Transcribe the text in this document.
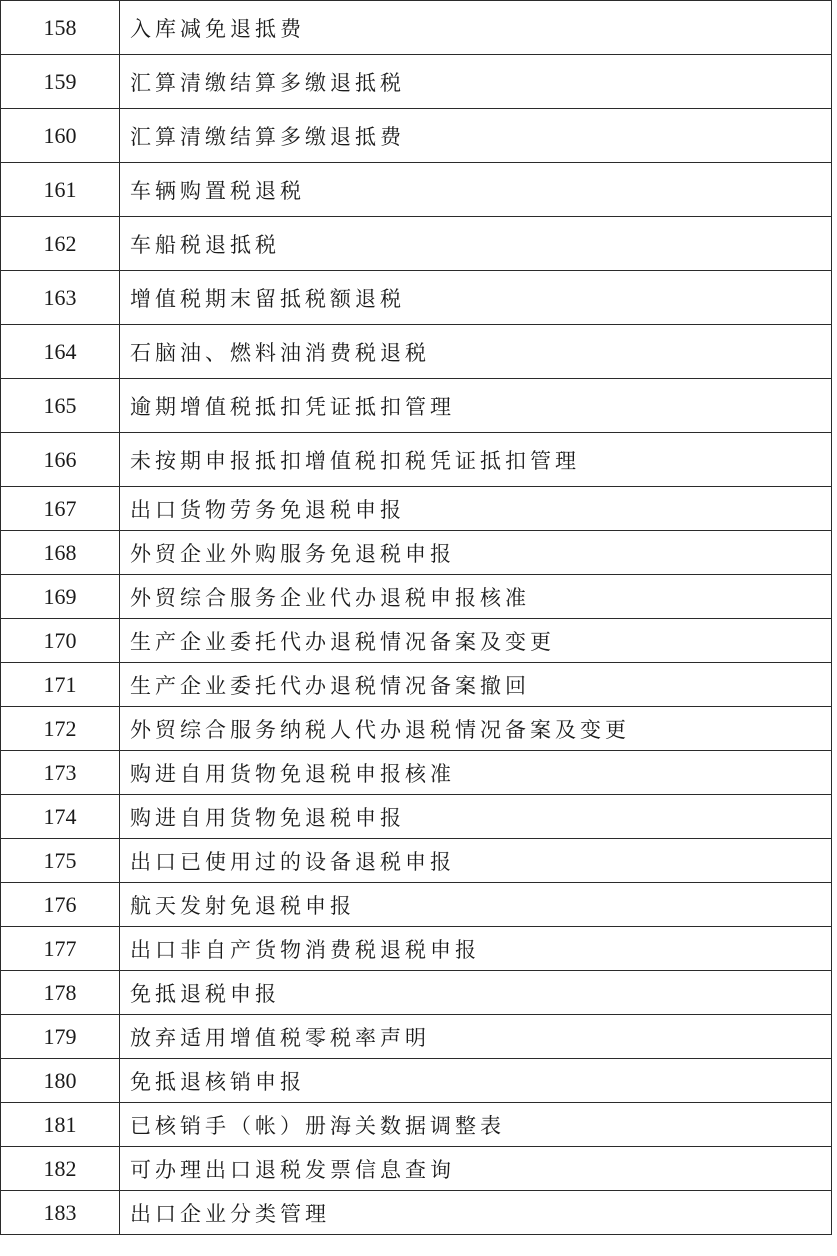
158	入库减免退抵费
159	汇算清缴结算多缴退抵税
160	汇算清缴结算多缴退抵费
161	车辆购置税退税
162	车船税退抵税
163	增值税期末留抵税额退税
164	石脑油、燃料油消费税退税
165	逾期增值税抵扣凭证抵扣管理
166	未按期申报抵扣增值税扣税凭证抵扣管理
167	出口货物劳务免退税申报
168	外贸企业外购服务免退税申报
169	外贸综合服务企业代办退税申报核准
170	生产企业委托代办退税情况备案及变更
171	生产企业委托代办退税情况备案撤回
172	外贸综合服务纳税人代办退税情况备案及变更
173	购进自用货物免退税申报核准
174	购进自用货物免退税申报
175	出口已使用过的设备退税申报
176	航天发射免退税申报
177	出口非自产货物消费税退税申报
178	免抵退税申报
179	放弃适用增值税零税率声明
180	免抵退核销申报
181	已核销手（帐）册海关数据调整表
182	可办理出口退税发票信息查询
183	出口企业分类管理
